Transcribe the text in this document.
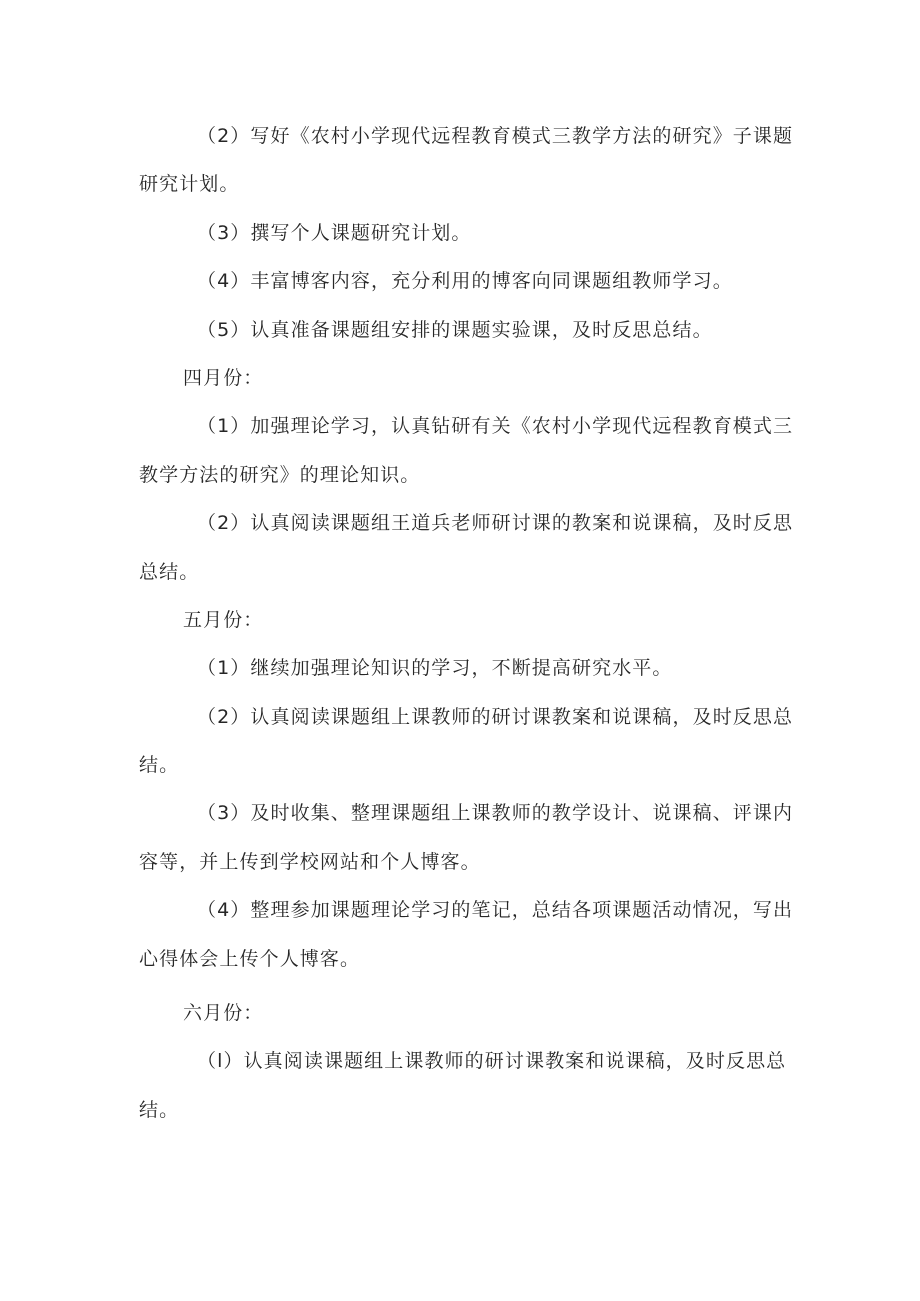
（2）写好《农村小学现代远程教育模式三教学方法的研究》子课题
研究计划。
（3）撰写个人课题研究计划。
（4）丰富博客内容，充分利用的博客向同课题组教师学习。
（5）认真准备课题组安排的课题实验课，及时反思总结。
四月份：
（1）加强理论学习，认真钻研有关《农村小学现代远程教育模式三
教学方法的研究》的理论知识。
（2）认真阅读课题组王道兵老师研讨课的教案和说课稿，及时反思
总结。
五月份：
（1）继续加强理论知识的学习，不断提高研究水平。
（2）认真阅读课题组上课教师的研讨课教案和说课稿，及时反思总
结。
（3）及时收集、整理课题组上课教师的教学设计、说课稿、评课内
容等，并上传到学校网站和个人博客。
（4）整理参加课题理论学习的笔记，总结各项课题活动情况，写出
心得体会上传个人博客。
六月份：
（l）认真阅读课题组上课教师的研讨课教案和说课稿，及时反思总
结。
